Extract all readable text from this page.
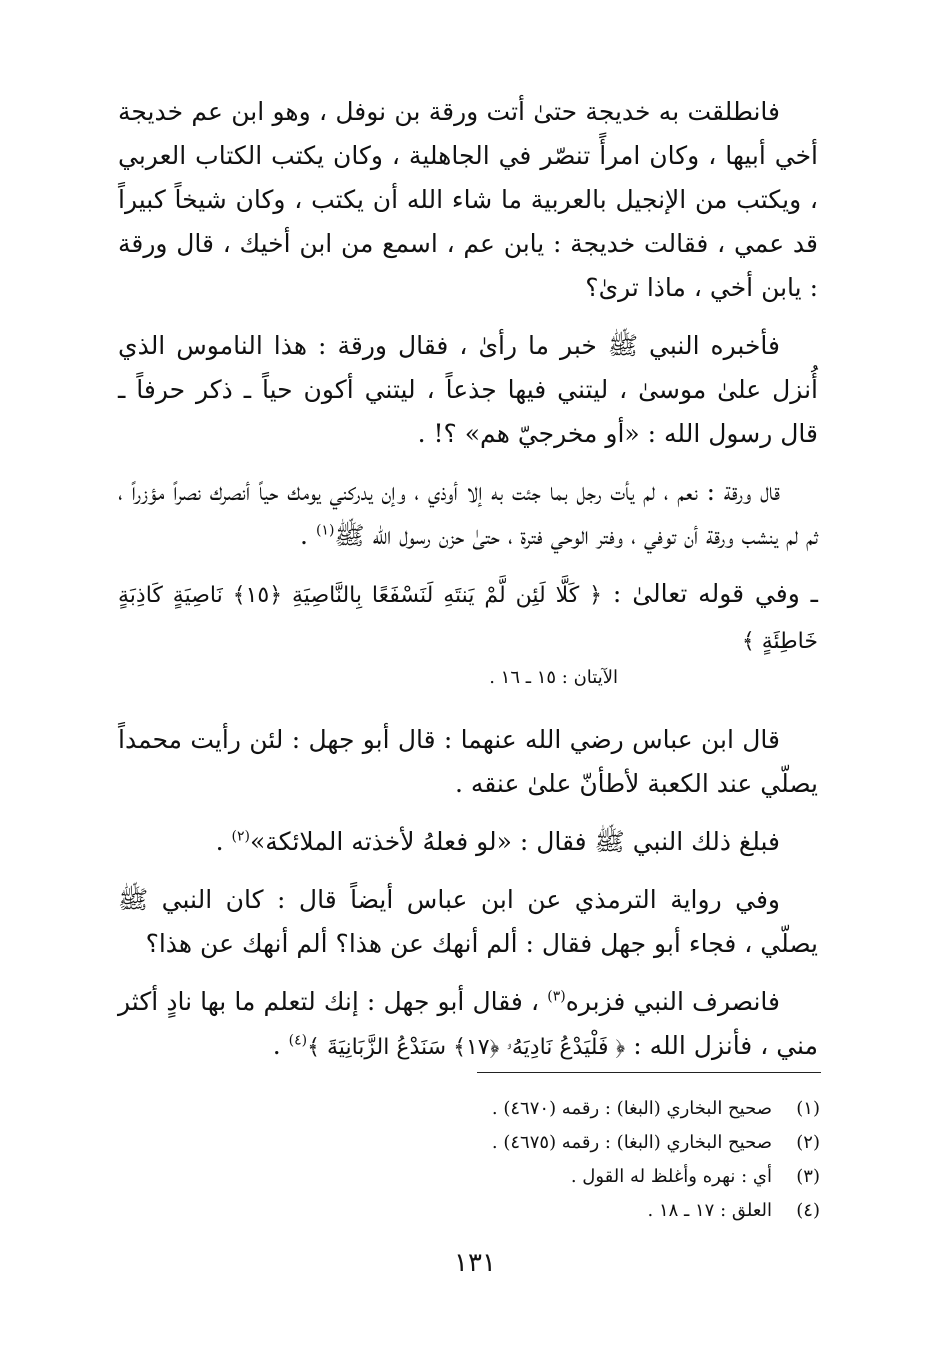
فانطلقت به خديجة حتىٰ أتت ورقة بن نوفل ، وهو ابن عم خديجة أخي أبيها ، وكان امرأً تنصّر في الجاهلية ، وكان يكتب الكتاب العربي ، ويكتب من الإنجيل بالعربية ما شاء الله أن يكتب ، وكان شيخاً كبيراً قد عمي ، فقالت خديجة : يابن عم ، اسمع من ابن أخيك ، قال ورقة : يابن أخي ، ماذا ترىٰ؟

فأخبره النبي ﷺ خبر ما رأىٰ ، فقال ورقة : هذا الناموس الذي أُنزل علىٰ موسىٰ ، ليتني فيها جذعاً ، ليتني أكون حياً ـ ذكر حرفاً ـ قال رسول الله : «أو مخرجيّ هم» ؟! .

قال ورقة : نعم ، لم يأت رجل بما جئت به إلا أوذي ، وإن يدركني يومك حياً أنصرك نصراً مؤزراً ، ثم لم ينشب ورقة أن توفي ، وفتر الوحي فترة ، حتىٰ حزن رسول الله ﷺ$^{(١)}$ .

ـ وفي قوله تعالىٰ : ﴿ كَلَّا لَئِن لَّمْ يَنتَهِ لَنَسْفَعًا بِالنَّاصِيَةِ ﴿١٥﴾ نَاصِيَةٍ كَاذِبَةٍ خَاطِئَةٍ ﴾

الآيتان : ١٥ ـ ١٦ .

قال ابن عباس رضي الله عنهما : قال أبو جهل : لئن رأيت محمداً يصلّي عند الكعبة لأطأنّ علىٰ عنقه .

فبلغ ذلك النبي ﷺ فقال : «لو فعلهُ لأخذته الملائكة»$^{(٢)}$ .

وفي رواية الترمذي عن ابن عباس أيضاً قال : كان النبي ﷺ يصلّي ، فجاء أبو جهل فقال : ألم أنهك عن هذا؟ ألم أنهك عن هذا؟

فانصرف النبي فزبره$^{(٣)}$ ، فقال أبو جهل : إنك لتعلم ما بها نادٍ أكثر مني ، فأنزل الله : ﴿ فَلْيَدْعُ نَادِيَهُۥ ﴿١٧﴾ سَنَدْعُ الزَّبَانِيَةَ ﴾$^{(٤)}$ .

(١)
صحيح البخاري (البغا) : رقمه (٤٦٧٠) .
(٢)
صحيح البخاري (البغا) : رقمه (٤٦٧٥) .
(٣)
أي : نهره وأغلظ له القول .
(٤)
العلق : ١٧ ـ ١٨ .
١٣١
